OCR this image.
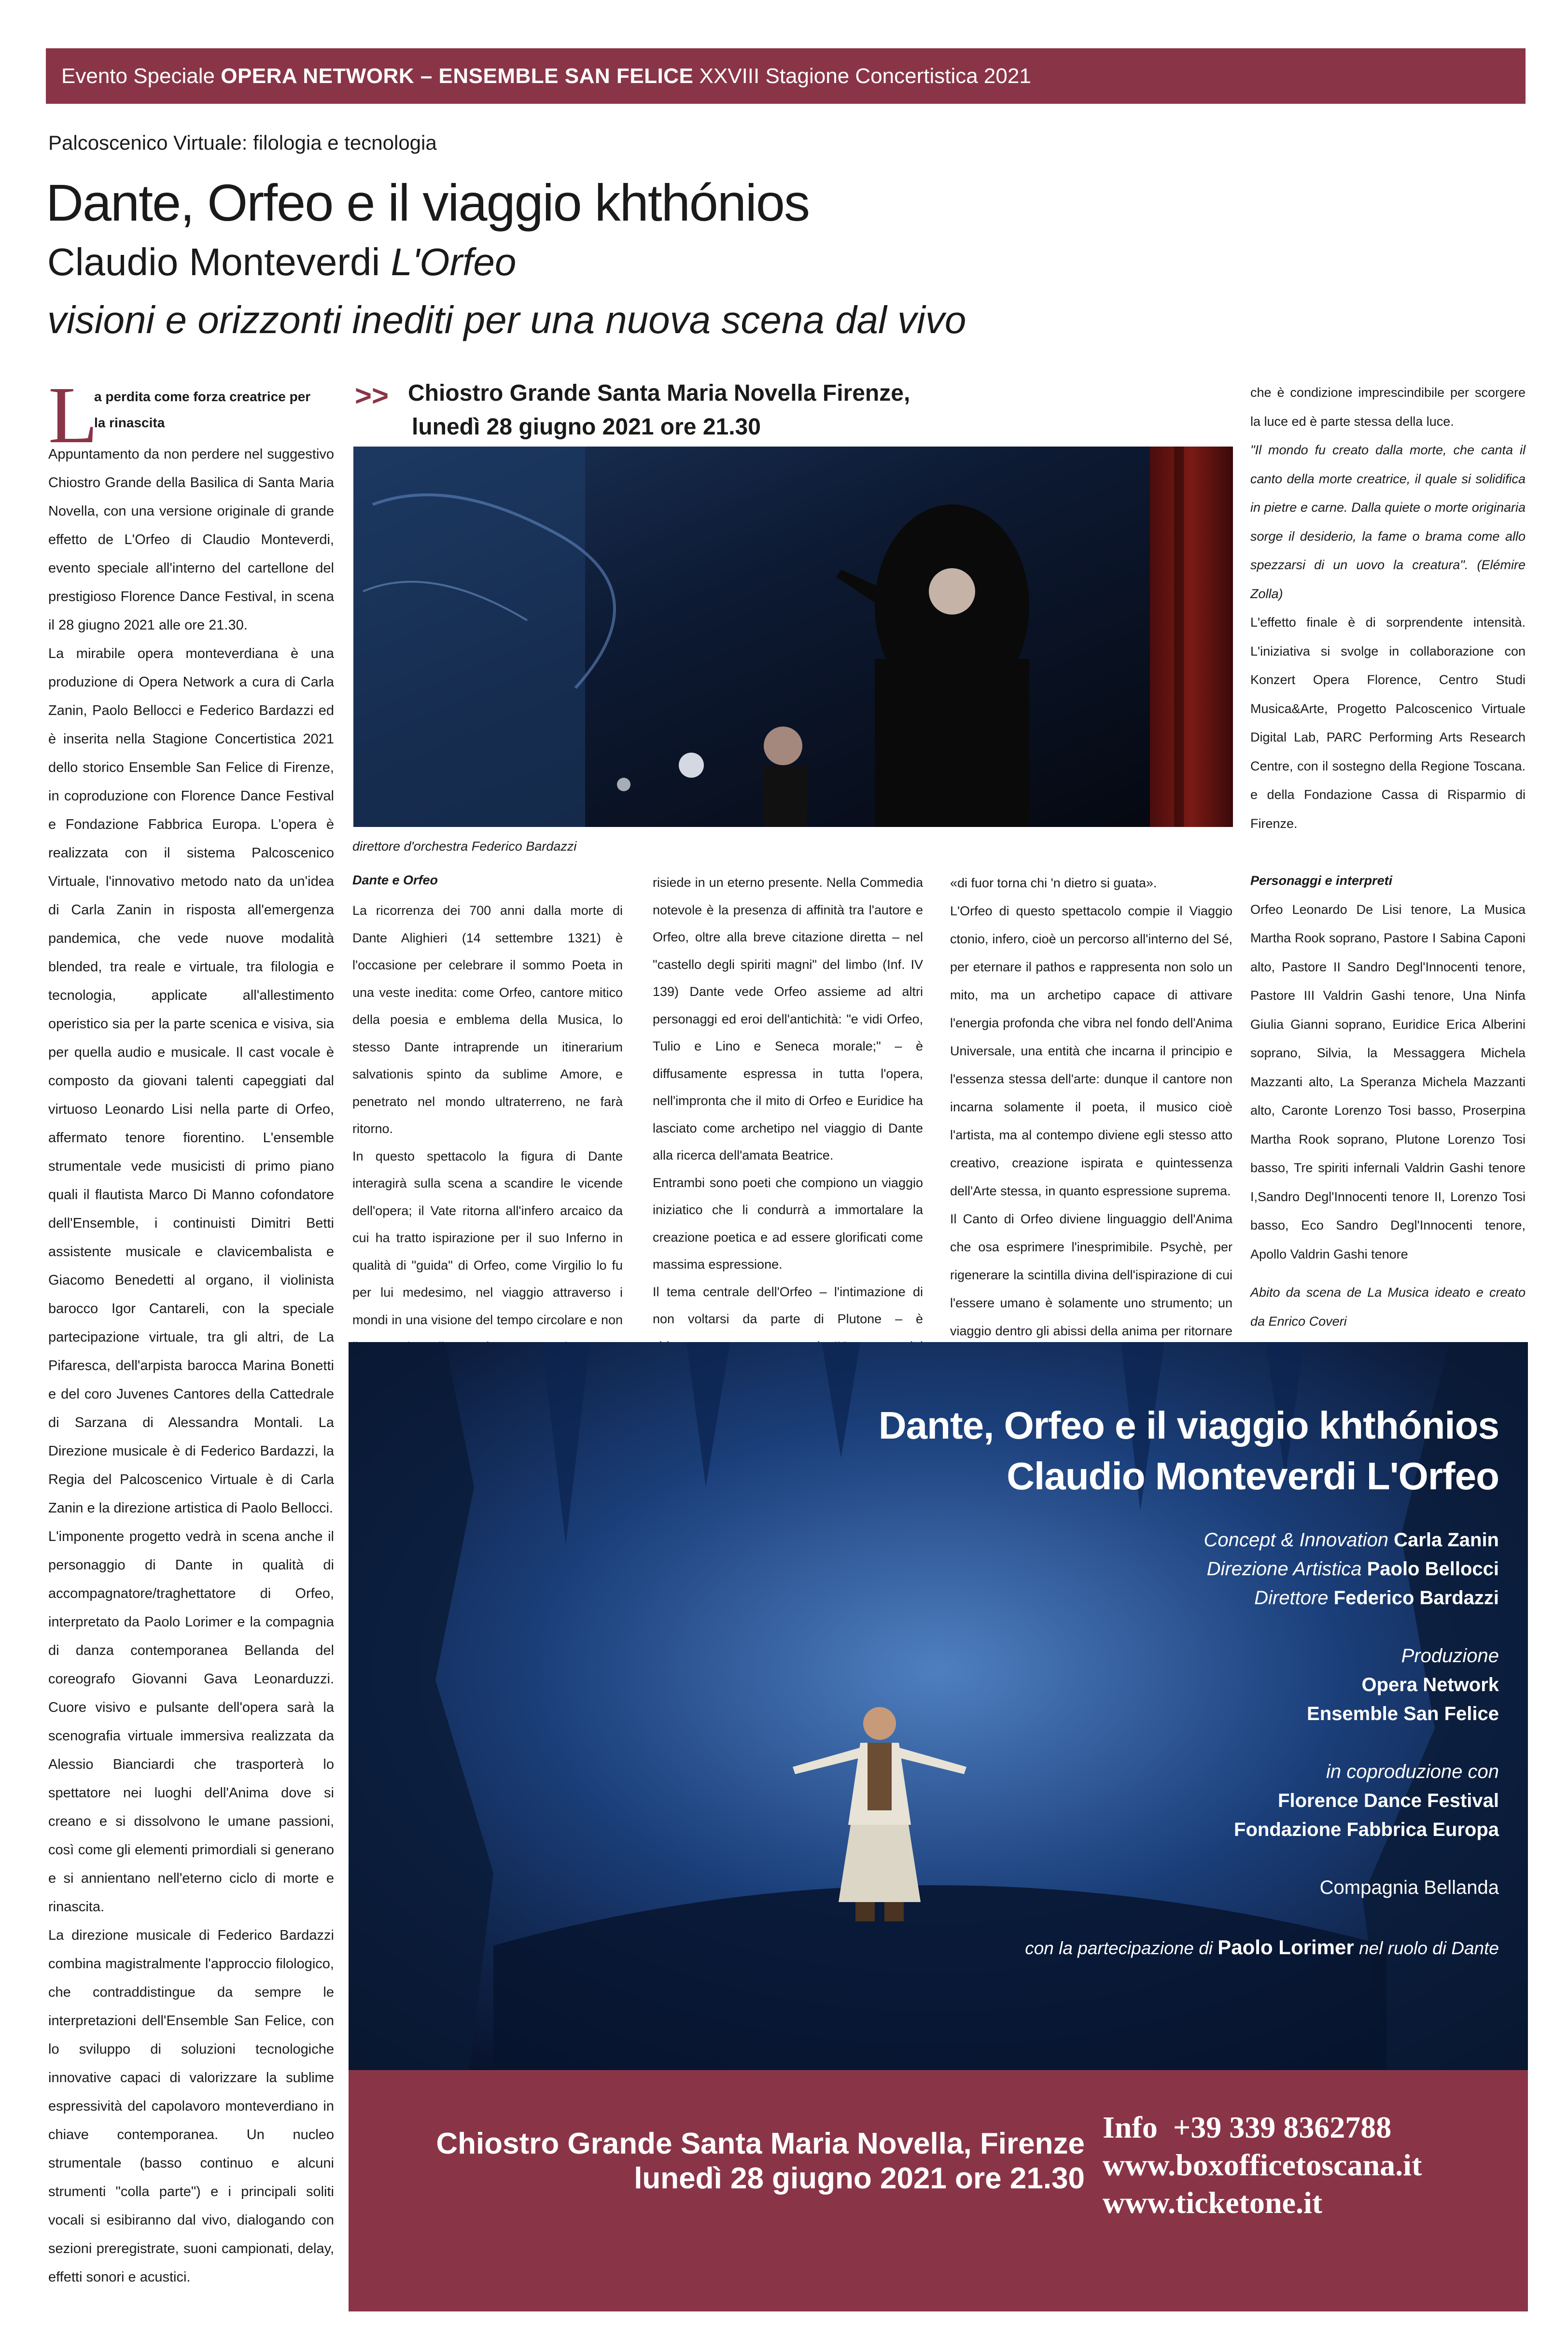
Evento Speciale OPERA NETWORK – ENSEMBLE SAN FELICE XXVIII Stagione Concertistica 2021
Palcoscenico Virtuale: filologia e tecnologia
Dante, Orfeo e il viaggio khthónios
Claudio Monteverdi L'Orfeo
visioni e orizzonti inediti per una nuova scena dal vivo
L
a perdita come forza creatrice per la rinascita

Appuntamento da non perdere nel suggestivo Chiostro Grande della Basilica di Santa Maria Novella, con una versione originale di grande effetto de L'Orfeo di Claudio Monteverdi, evento speciale all'interno del cartellone del prestigioso Florence Dance Festival, in scena il 28 giugno 2021 alle ore 21.30.

La mirabile opera monteverdiana è una produzione di Opera Network a cura di Carla Zanin, Paolo Bellocci e Federico Bardazzi ed è inserita nella Stagione Concertistica 2021 dello storico Ensemble San Felice di Firenze, in coproduzione con Florence Dance Festival e Fondazione Fabbrica Europa. L'opera è realizzata con il sistema Palcoscenico Virtuale, l'innovativo metodo nato da un'idea di Carla Zanin in risposta all'emergenza pandemica, che vede nuove modalità blended, tra reale e virtuale, tra filologia e tecnologia, applicate all'allestimento operistico sia per la parte scenica e visiva, sia per quella audio e musicale. Il cast vocale è composto da giovani talenti capeggiati dal virtuoso Leonardo Lisi nella parte di Orfeo, affermato tenore fiorentino. L'ensemble strumentale vede musicisti di primo piano quali il flautista Marco Di Manno cofondatore dell'Ensemble, i continuisti Dimitri Betti assistente musicale e clavicembalista e Giacomo Benedetti al organo, il violinista barocco Igor Cantareli, con la speciale partecipazione virtuale, tra gli altri, de La Pifaresca, dell'arpista barocca Marina Bonetti e del coro Juvenes Cantores della Cattedrale di Sarzana di Alessandra Montali. La Direzione musicale è di Federico Bardazzi, la Regia del Palcoscenico Virtuale è di Carla Zanin e la direzione artistica di Paolo Bellocci.

L'imponente progetto vedrà in scena anche il personaggio di Dante in qualità di accompagnatore/traghettatore di Orfeo, interpretato da Paolo Lorimer e la compagnia di danza contemporanea Bellanda del coreografo Giovanni Gava Leonarduzzi. Cuore visivo e pulsante dell'opera sarà la scenografia virtuale immersiva realizzata da Alessio Bianciardi che trasporterà lo spettatore nei luoghi dell'Anima dove si creano e si dissolvono le umane passioni, così come gli elementi primordiali si generano e si annientano nell'eterno ciclo di morte e rinascita.

La direzione musicale di Federico Bardazzi combina magistralmente l'approccio filologico, che contraddistingue da sempre le interpretazioni dell'Ensemble San Felice, con lo sviluppo di soluzioni tecnologiche innovative capaci di valorizzare la sublime espressività del capolavoro monteverdiano in chiave contemporanea. Un nucleo strumentale (basso continuo e alcuni strumenti "colla parte") e i principali soliti vocali si esibiranno dal vivo, dialogando con sezioni preregistrate, suoni campionati, delay, effetti sonori e acustici.

>> Chiostro Grande Santa Maria Novella Firenze,
lunedì 28 giugno 2021 ore 21.30
direttore d'orchestra Federico Bardazzi
Dante e Orfeo

La ricorrenza dei 700 anni dalla morte di Dante Alighieri (14 settembre 1321) è l'occasione per celebrare il sommo Poeta in una veste inedita: come Orfeo, cantore mitico della poesia e emblema della Musica, lo stesso Dante intraprende un itinerarium salvationis spinto da sublime Amore, e penetrato nel mondo ultraterreno, ne farà ritorno.

In questo spettacolo la figura di Dante interagirà sulla scena a scandire le vicende dell'opera; il Vate ritorna all'infero arcaico da cui ha tratto ispirazione per il suo Inferno in qualità di "guida" di Orfeo, come Virgilio lo fu per lui medesimo, nel viaggio attraverso i mondi in una visione del tempo circolare e non

risiede in un eterno presente. Nella Commedia notevole è la presenza di affinità tra l'autore e Orfeo, oltre alla breve citazione diretta – nel "castello degli spiriti magni" del limbo (Inf. IV 139) Dante vede Orfeo assieme ad altri personaggi ed eroi dell'antichità: "e vidi Orfeo, Tulio e Lino e Seneca morale;" – è diffusamente espressa in tutta l'opera, nell'impronta che il mito di Orfeo e Euridice ha lasciato come archetipo nel viaggio di Dante alla ricerca dell'amata Beatrice.

Entrambi sono poeti che compiono un viaggio iniziatico che li condurrà a immortalare la creazione poetica e ad essere glorificati come massima espressione.

Il tema centrale dell'Orfeo – l'intimazione di non voltarsi da parte di Plutone – è

«di fuor torna chi 'n dietro si guata».

L'Orfeo di questo spettacolo compie il Viaggio ctonio, infero, cioè un percorso all'interno del Sé, per eternare il pathos e rappresenta non solo un mito, ma un archetipo capace di attivare l'energia profonda che vibra nel fondo dell'Anima Universale, una entità che incarna il principio e l'essenza stessa dell'arte: dunque il cantore non incarna solamente il poeta, il musico cioè l'artista, ma al contempo diviene egli stesso atto creativo, creazione ispirata e quintessenza dell'Arte stessa, in quanto espressione suprema.

Il Canto di Orfeo diviene linguaggio dell'Anima che osa esprimere l'inesprimibile. Psychè, per rigenerare la scintilla divina dell'ispirazione di cui l'essere umano è solamente uno strumento; un viaggio dentro gli abissi della anima per ritornare

che è condizione imprescindibile per scorgere la luce ed è parte stessa della luce.

"Il mondo fu creato dalla morte, che canta il canto della morte creatrice, il quale si solidifica in pietre e carne. Dalla quiete o morte originaria sorge il desiderio, la fame o brama come allo spezzarsi di un uovo la creatura". (Elémire Zolla)

L'effetto finale è di sorprendente intensità. L'iniziativa si svolge in collaborazione con Konzert Opera Florence, Centro Studi Musica&Arte, Progetto Palcoscenico Virtuale Digital Lab, PARC Performing Arts Research Centre, con il sostegno della Regione Toscana. e della Fondazione Cassa di Risparmio di Firenze.

Personaggi e interpreti

Orfeo Leonardo De Lisi tenore, La Musica Martha Rook soprano, Pastore I Sabina Caponi alto, Pastore II Sandro Degl'Innocenti tenore, Pastore III Valdrin Gashi tenore, Una Ninfa Giulia Gianni soprano, Euridice Erica Alberini soprano, Silvia, la Messaggera Michela Mazzanti alto, La Speranza Michela Mazzanti alto, Caronte Lorenzo Tosi basso, Proserpina Martha Rook soprano, Plutone Lorenzo Tosi basso, Tre spiriti infernali Valdrin Gashi tenore I,Sandro Degl'Innocenti tenore II, Lorenzo Tosi basso, Eco Sandro Degl'Innocenti tenore, Apollo Valdrin Gashi tenore

Abito da scena de La Musica ideato e creato da Enrico Coveri

Dante, Orfeo e il viaggio khthónios
Claudio Monteverdi L'Orfeo
Concept & Innovation Carla Zanin
Direzione Artistica Paolo Bellocci
Direttore Federico Bardazzi
Produzione
Opera Network
Ensemble San Felice
in coproduzione con
Florence Dance Festival
Fondazione Fabbrica Europa
Compagnia Bellanda
con la partecipazione di Paolo Lorimer nel ruolo di Dante
Chiostro Grande Santa Maria Novella, Firenze
lunedì 28 giugno 2021 ore 21.30
Info  +39 339 8362788
www.boxofficetoscana.it
www.ticketone.it
